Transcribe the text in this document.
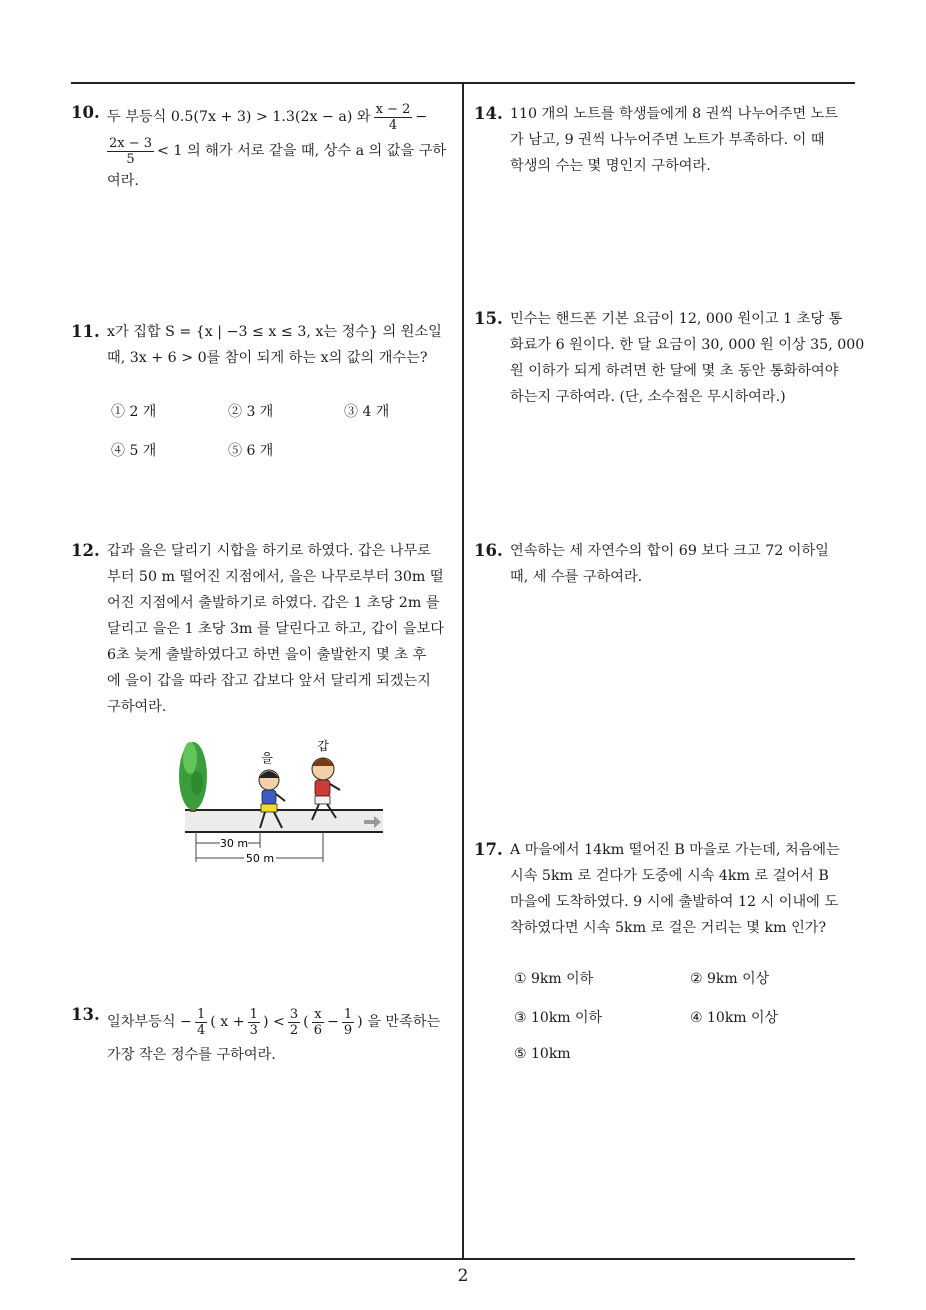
10. 두 부등식 0.5(7x + 3) > 1.3(2x − a) 와 $\frac{x - 2}{4}$ −
$\frac{2x - 3}{5} < 1$ 의 해가 서로 같을 때, 상수 a 의 값을 구하
여라.
11. x가 집합 S = {x | −3 ≤ x ≤ 3, x는 정수} 의 원소일
때, 3x + 6 > 0를 참이 되게 하는 x의 값의 개수는?
① 2 개	② 3 개	③ 4 개
④ 5 개	⑤ 6 개
12. 갑과 을은 달리기 시합을 하기로 하였다. 갑은 나무로
부터 50 m 떨어진 지점에서, 을은 나무로부터 30m 떨
어진 지점에서 출발하기로 하였다. 갑은 1 초당 2m 를
달리고 을은 1 초당 3m 를 달린다고 하고, 갑이 을보다
6초 늦게 출발하였다고 하면 을이 출발한지 몇 초 후
에 을이 갑을 따라 잡고 갑보다 앞서 달리게 되겠는지
구하여라.
을
갑
30 m
50 m
13. 일차부등식 − $\frac{1}{4}$ ( $x + \frac{1}{3}$ ) < $\frac{3}{2}$ ( $\frac{x}{6} - \frac{1}{9}$ ) 을 만족하는
가장 작은 정수를 구하여라.
14. 110 개의 노트를 학생들에게 8 권씩 나누어주면 노트
가 남고, 9 권씩 나누어주면 노트가 부족하다. 이 때
학생의 수는 몇 명인지 구하여라.
15. 민수는 핸드폰 기본 요금이 12, 000 원이고 1 초당 통
화료가 6 원이다. 한 달 요금이 30, 000 원 이상 35, 000
원 이하가 되게 하려면 한 달에 몇 초 동안 통화하여야
하는지 구하여라. (단, 소수점은 무시하여라.)
16. 연속하는 세 자연수의 합이 69 보다 크고 72 이하일
때, 세 수를 구하여라.
17. A 마을에서 14km 떨어진 B 마을로 가는데, 처음에는
시속 5km 로 걷다가 도중에 시속 4km 로 걸어서 B
마을에 도착하였다. 9 시에 출발하여 12 시 이내에 도
착하였다면 시속 5km 로 걸은 거리는 몇 km 인가?
① 9km 이하	② 9km 이상
③ 10km 이하	④ 10km 이상
⑤ 10km
2
